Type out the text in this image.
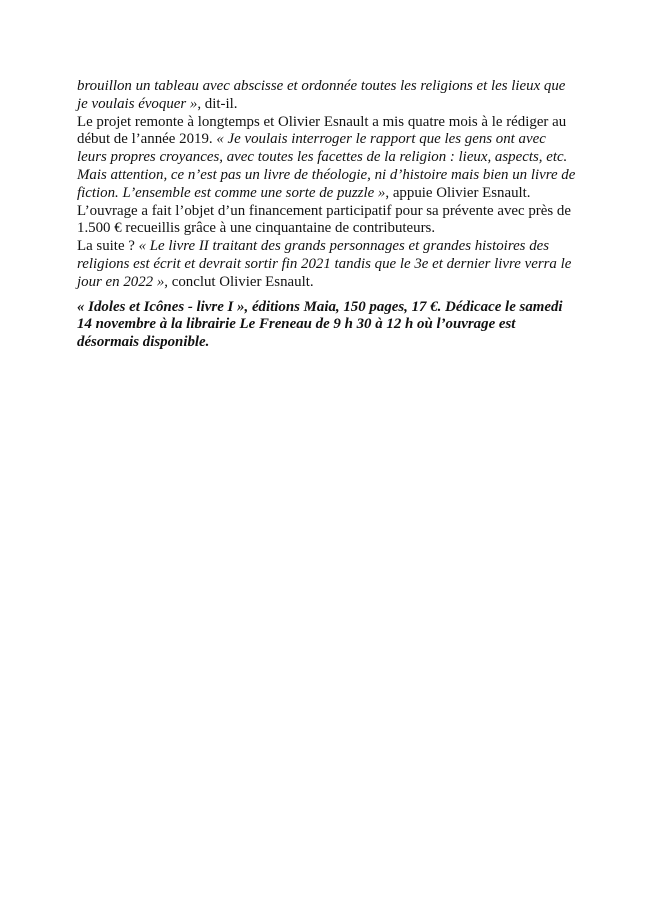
brouillon un tableau avec abscisse et ordonnée toutes les religions et les lieux que je voulais évoquer », dit-il.

Le projet remonte à longtemps et Olivier Esnault a mis quatre mois à le rédiger au début de l’année 2019. « Je voulais interroger le rapport que les gens ont avec leurs propres croyances, avec toutes les facettes de la religion : lieux, aspects, etc. Mais attention, ce n’est pas un livre de théologie, ni d’histoire mais bien un livre de fiction. L’ensemble est comme une sorte de puzzle », appuie Olivier Esnault.

L’ouvrage a fait l’objet d’un financement participatif pour sa prévente avec près de 1.500 € recueillis grâce à une cinquantaine de contributeurs.

La suite ? « Le livre II traitant des grands personnages et grandes histoires des religions est écrit et devrait sortir fin 2021 tandis que le 3e et dernier livre verra le jour en 2022 », conclut Olivier Esnault.

« Idoles et Icônes - livre I », éditions Maia, 150 pages, 17 €. Dédicace le samedi 14 novembre à la librairie Le Freneau de 9 h 30 à 12 h où l’ouvrage est désormais disponible.
